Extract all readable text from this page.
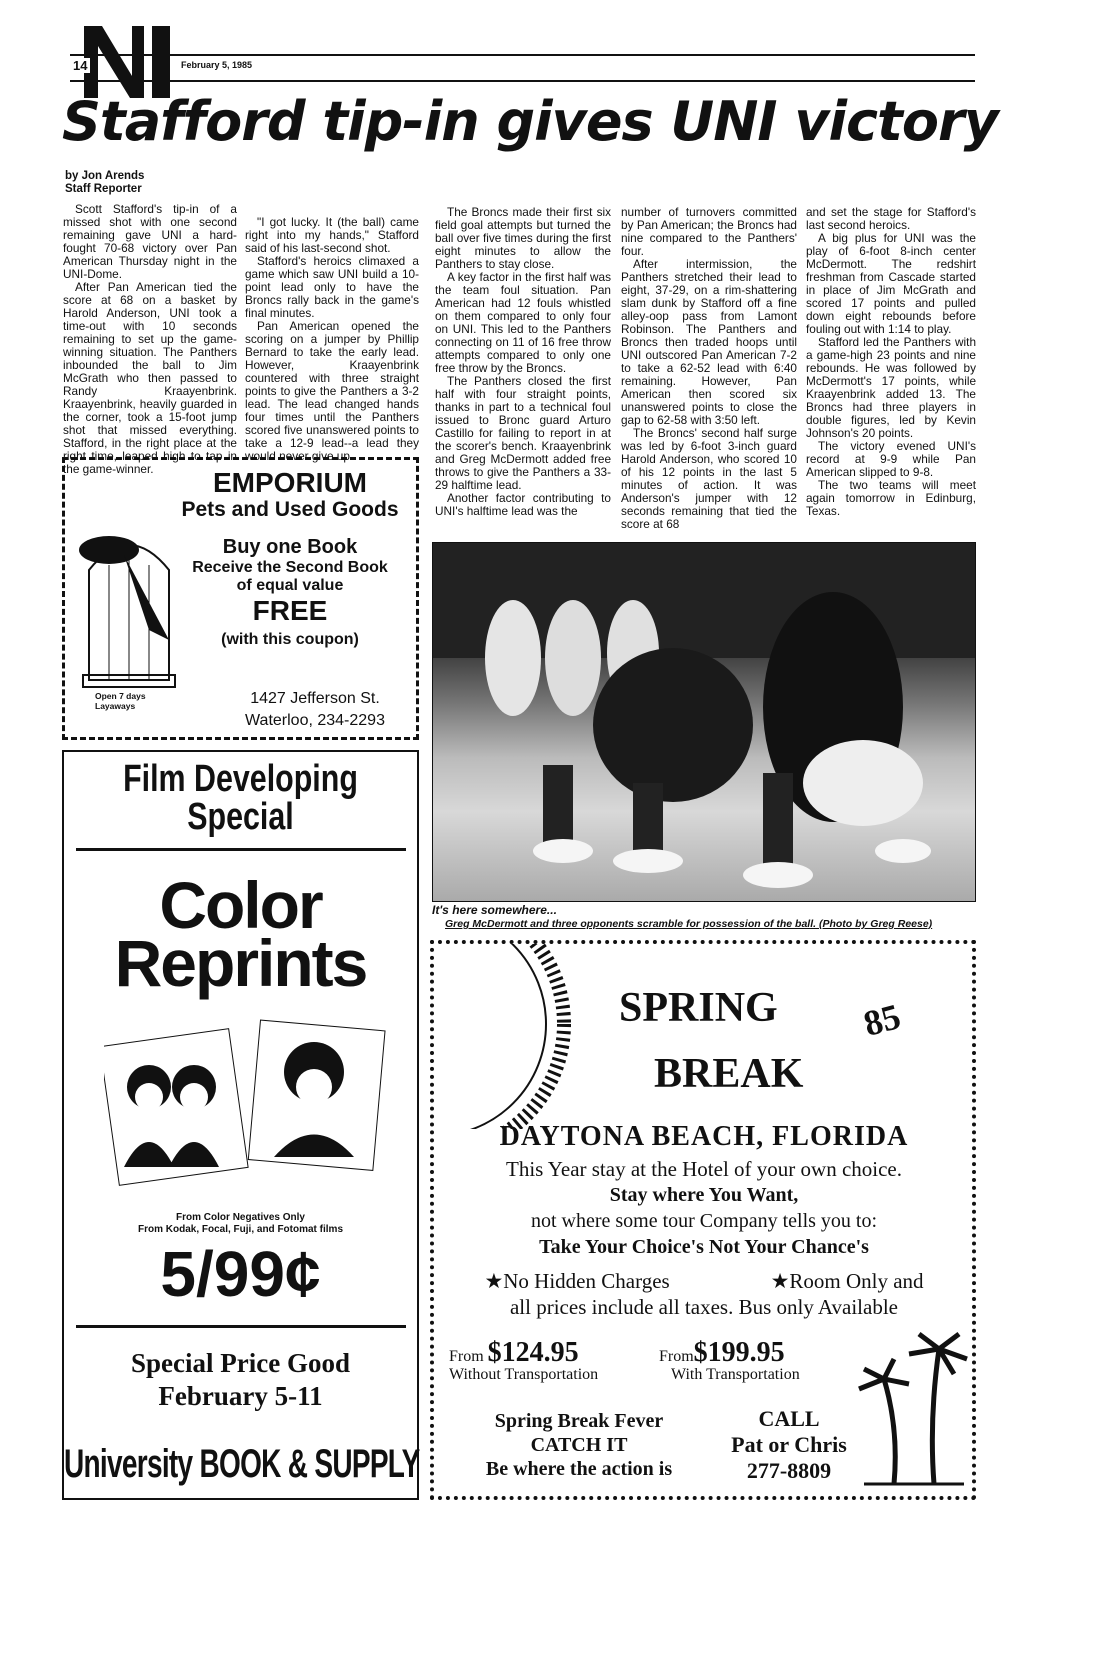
14	February 5, 1985
Stafford tip-in gives UNI victory
by Jon Arends
Staff Reporter

Scott Stafford's tip-in of a missed shot with one second remaining gave UNI a hard-fought 70-68 victory over Pan American Thursday night in the UNI-Dome.

After Pan American tied the score at 68 on a basket by Harold Anderson, UNI took a time-out with 10 seconds remaining to set up the game-winning situation. The Panthers inbounded the ball to Jim McGrath who then passed to Randy Kraayenbrink. Kraayenbrink, heavily guarded in the corner, took a 15-foot jump shot that missed everything. Stafford, in the right place at the right time, leaped high to tap in the game-winner.

"I got lucky. It (the ball) came right into my hands," Stafford said of his last-second shot.

Stafford's heroics climaxed a game which saw UNI build a 10-point lead only to have the Broncs rally back in the game's final minutes.

Pan American opened the scoring on a jumper by Phillip Bernard to take the early lead. However, Kraayenbrink countered with three straight points to give the Panthers a 3-2 lead. The lead changed hands four times until the Panthers scored five unanswered points to take a 12-9 lead--a lead they would never give up.

The Broncs made their first six field goal attempts but turned the ball over five times during the first eight minutes to allow the Panthers to stay close.

A key factor in the first half was the team foul situation. Pan American had 12 fouls whistled on them compared to only four on UNI. This led to the Panthers connecting on 11 of 16 free throw attempts compared to only one free throw by the Broncs.

The Panthers closed the first half with four straight points, thanks in part to a technical foul issued to Bronc guard Arturo Castillo for failing to report in at the scorer's bench. Kraayenbrink and Greg McDermott added free throws to give the Panthers a 33-29 halftime lead.

Another factor contributing to UNI's halftime lead was the

number of turnovers committed by Pan American; the Broncs had nine compared to the Panthers' four.

After intermission, the Panthers stretched their lead to eight, 37-29, on a rim-shattering slam dunk by Stafford off a fine alley-oop pass from Lamont Robinson. The Panthers and Broncs then traded hoops until UNI outscored Pan American 7-2 to take a 62-52 lead with 6:40 remaining. However, Pan American then scored six unanswered points to close the gap to 62-58 with 3:50 left.

The Broncs' second half surge was led by 6-foot 3-inch guard Harold Anderson, who scored 10 of his 12 points in the last 5 minutes of action. It was Anderson's jumper with 12 seconds remaining that tied the score at 68

and set the stage for Stafford's last second heroics.

A big plus for UNI was the play of 6-foot 8-inch center McDermott. The redshirt freshman from Cascade started in place of Jim McGrath and scored 17 points and pulled down eight rebounds before fouling out with 1:14 to play.

Stafford led the Panthers with a game-high 23 points and nine rebounds. He was followed by McDermott's 17 points, while Kraayenbrink added 13. The Broncs had three players in double figures, led by Kevin Johnson's 20 points.

The victory evened UNI's record at 9-9 while Pan American slipped to 9-8.

The two teams will meet again tomorrow in Edinburg, Texas.

It's here somewhere...
Greg McDermott and three opponents scramble for possession of the ball. (Photo by Greg Reese)
EMPORIUM
Pets and Used Goods
Buy one Book
Receive the Second Book
of equal value
FREE
(with this coupon)
Open 7 days
Layaways	1427 Jefferson St.
Waterloo, 234-2293
Film Developing
Special
Color
Reprints
From Color Negatives Only
From Kodak, Focal, Fuji, and Fotomat films
5/99¢
Special Price Good
February 5-11
University BOOK & SUPPLY
SPRING 85
BREAK
DAYTONA BEACH, FLORIDA
This Year stay at the Hotel of your own choice.
Stay where You Want,
not where some tour Company tells you to:
Take Your Choice's Not Your Chance's
★No Hidden Charges	★Room Only and
all prices include all taxes. Bus only Available
From $124.95
Without Transportation
From$199.95
With Transportation
Spring Break Fever
CATCH IT
Be where the action is
CALL
Pat or Chris
277-8809
